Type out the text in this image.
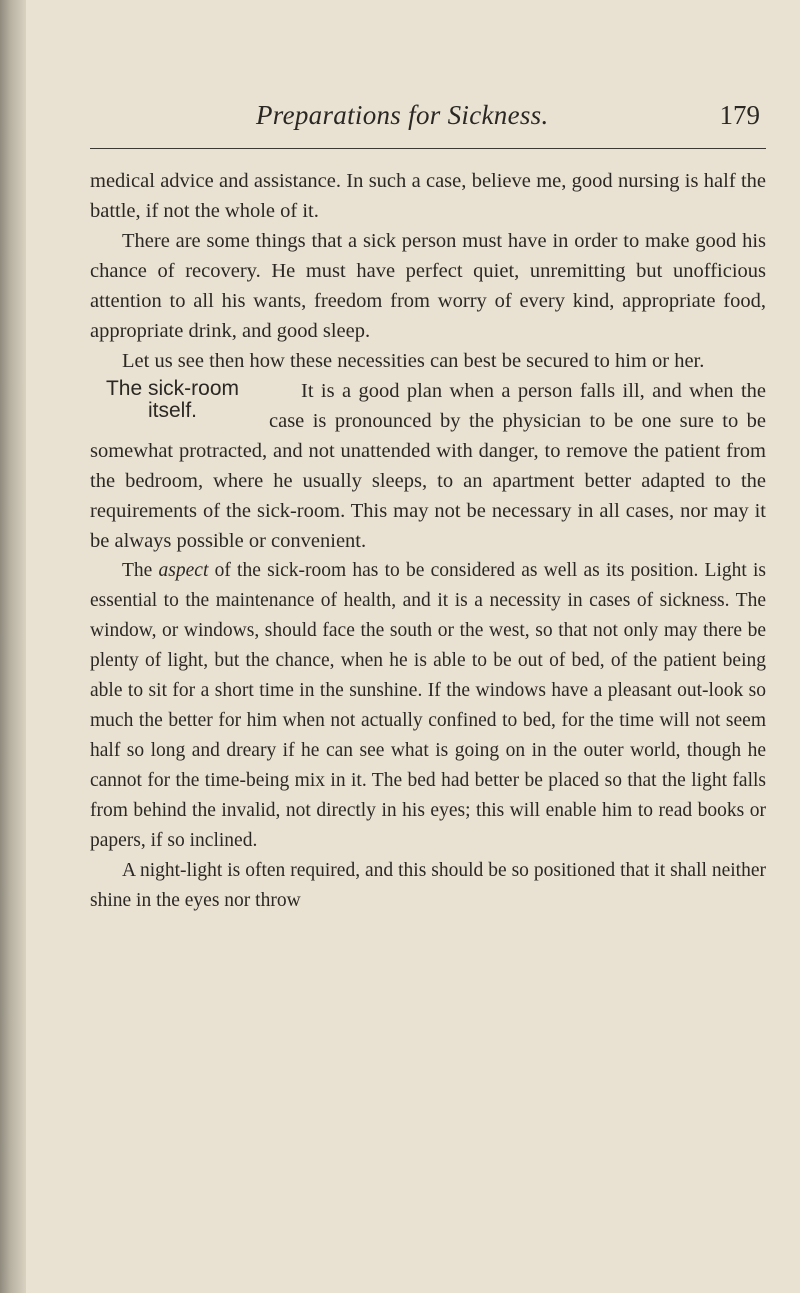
Preparations for Sickness.	179

medical advice and assistance. In such a case, believe me, good nursing is half the battle, if not the whole of it.

There are some things that a sick person must have in order to make good his chance of recovery. He must have perfect quiet, unremitting but unofficious attention to all his wants, freedom from worry of every kind, appropriate food, appropriate drink, and good sleep.

Let us see then how these necessities can best be secured to him or her.

The sick-room itself.

It is a good plan when a person falls ill, and when the case is pronounced by the physician to be one sure to be somewhat protracted, and not unattended with danger, to remove the patient from the bedroom, where he usually sleeps, to an apartment better adapted to the requirements of the sick-room. This may not be necessary in all cases, nor may it be always possible or convenient.

The aspect of the sick-room has to be considered as well as its position. Light is essential to the maintenance of health, and it is a necessity in cases of sickness. The window, or windows, should face the south or the west, so that not only may there be plenty of light, but the chance, when he is able to be out of bed, of the patient being able to sit for a short time in the sunshine. If the windows have a pleasant out-look so much the better for him when not actually confined to bed, for the time will not seem half so long and dreary if he can see what is going on in the outer world, though he cannot for the time-being mix in it. The bed had better be placed so that the light falls from behind the invalid, not directly in his eyes; this will enable him to read books or papers, if so inclined.

A night-light is often required, and this should be so positioned that it shall neither shine in the eyes nor throw
